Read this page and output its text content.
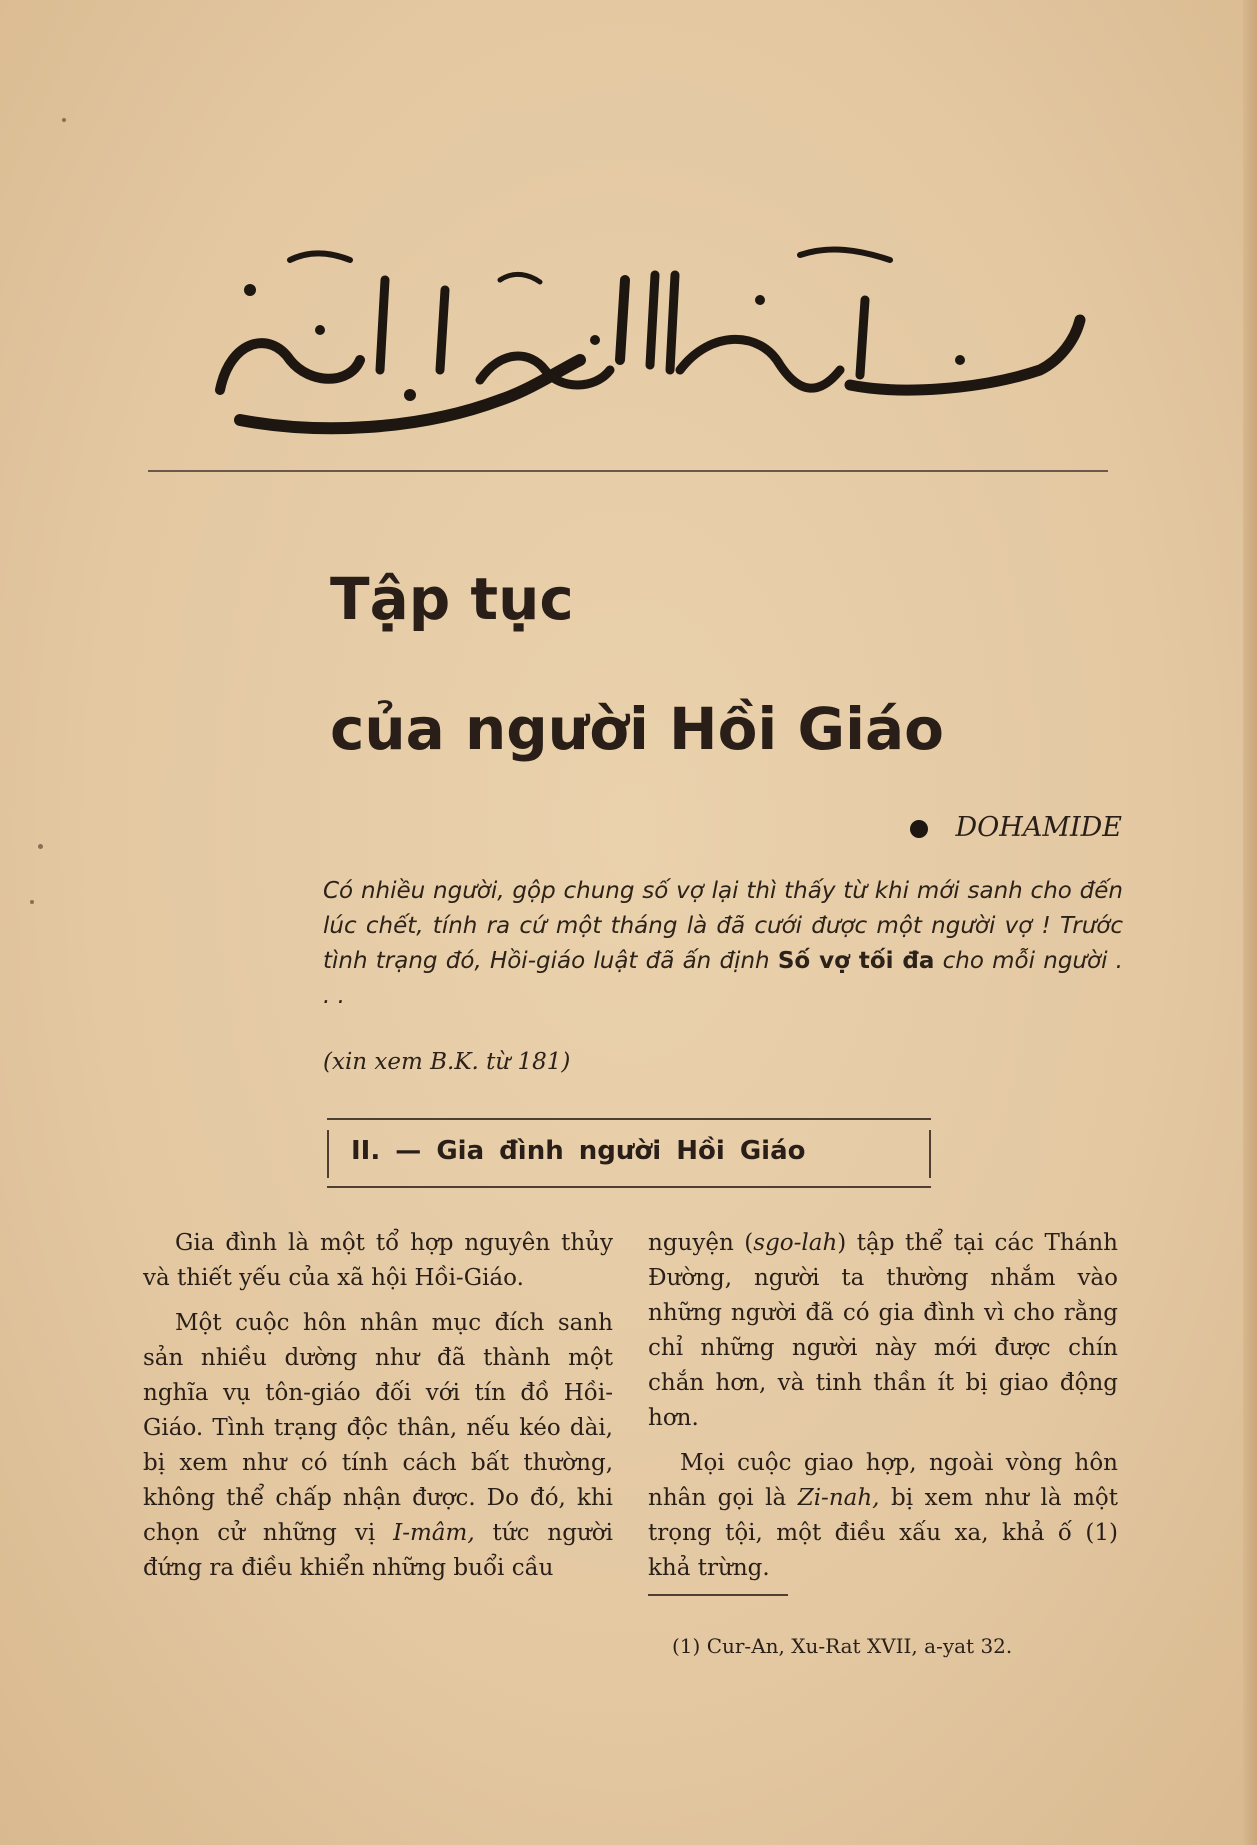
Tập tục
của người Hồi Giáo
DOHAMIDE
Có nhiều người, gộp chung số vợ lại thì thấy từ khi mới sanh cho đến lúc chết, tính ra cứ một tháng là đã cưới được một người vợ ! Trước tình trạng đó, Hồi-giáo luật đã ấn định Số vợ tối đa cho mỗi người . . .
(xin xem B.K. từ 181)
II. — Gia đình người Hồi Giáo

Gia đình là một tổ hợp nguyên thủy và thiết yếu của xã hội Hồi-Giáo.

Một cuộc hôn nhân mục đích sanh sản nhiều dường như đã thành một nghĩa vụ tôn-giáo đối với tín đồ Hồi-Giáo. Tình trạng độc thân, nếu kéo dài, bị xem như có tính cách bất thường, không thể chấp nhận được. Do đó, khi chọn cử những vị I-mâm, tức người đứng ra điều khiển những buổi cầu

nguyện (sgo-lah) tập thể tại các Thánh Đường, người ta thường nhắm vào những người đã có gia đình vì cho rằng chỉ những người này mới được chín chắn hơn, và tinh thần ít bị giao động hơn.

Mọi cuộc giao hợp, ngoài vòng hôn nhân gọi là Zi-nah, bị xem như là một trọng tội, một điều xấu xa, khả ố (1) khả trừng.

(1) Cur-An, Xu-Rat XVII, a-yat 32.
